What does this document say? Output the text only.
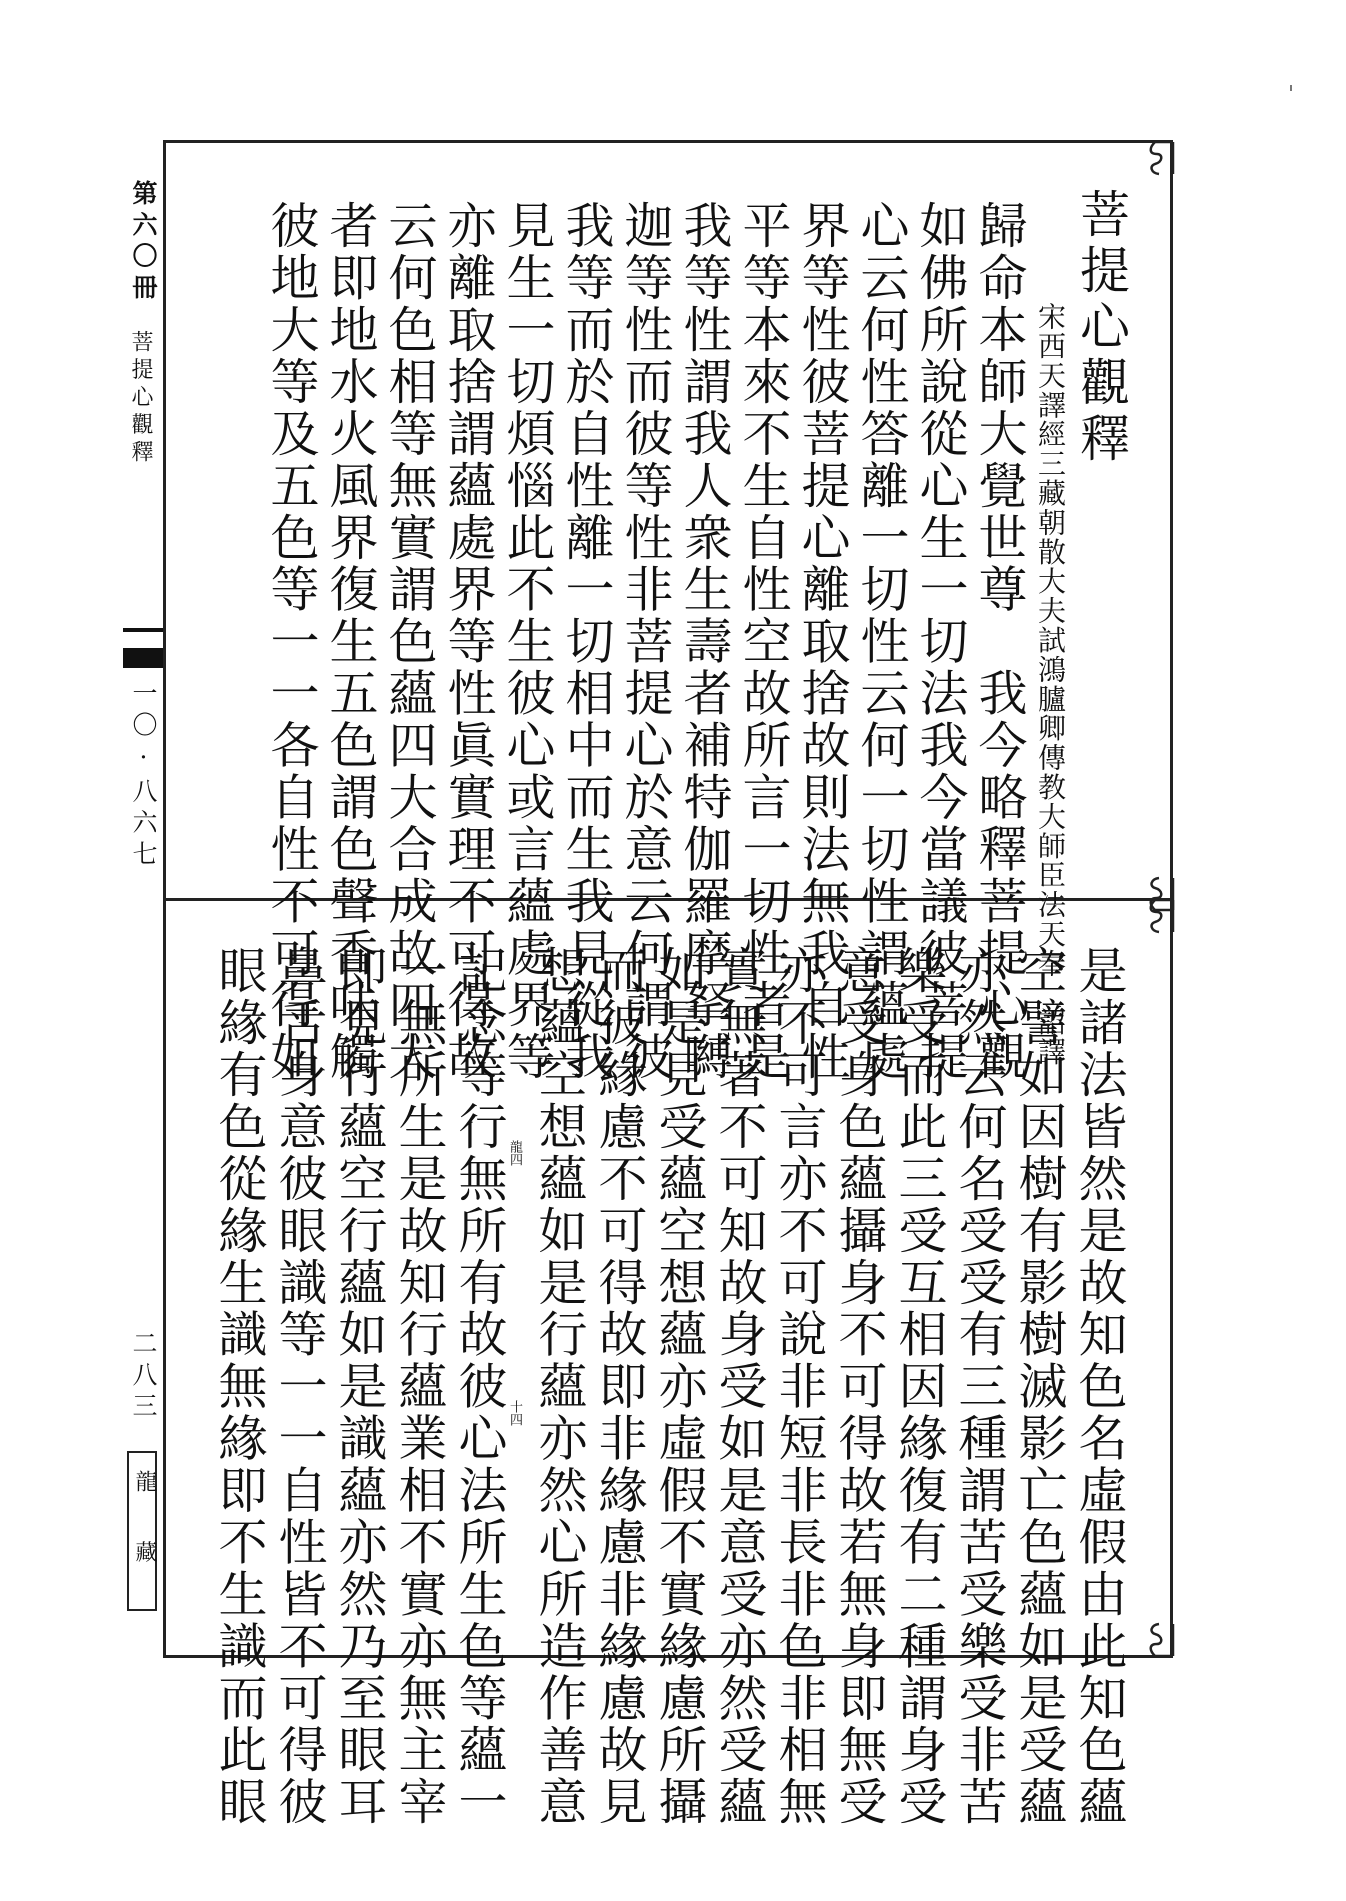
第六〇冊
菩提心觀釋
一〇·八六七
二八三
龍藏
菩提心觀釋
宋西天譯經三藏朝散大夫試鴻臚卿傳教大師臣法天奉　詔譯
歸命本師大覺世尊　我今略釋菩提心觀
如佛所說從心生一切法我今當議彼菩提
心云何性答離一切性云何一切性謂蘊處
界等性彼菩提心離取捨故則法無我自性
平等本來不生自性空故所言一切性者是
我等性謂我人衆生壽者補特伽羅摩拏嚩
迦等性而彼等性非菩提心於意云何謂彼
我等而於自性離一切相中而生我見從我
見生一切煩惱此不生彼心或言蘊處界等
亦離取捨謂蘊處界等性眞實理不可得故
云何色相等無實謂色蘊四大合成故四大
者即地水火風界復生五色謂色聲香味觸
彼地大等及五色等一一各自性不可得如
是諸法皆然是故知色名虛假由此知色蘊
空譬如因樹有影樹滅影亡色蘊如是受蘊
亦然云何名受受有三種謂苦受樂受非苦
樂受而此三受互相因緣復有二種謂身受
意受身色蘊攝身不可得故若無身即無受
亦不可言亦不可說非短非長非色非相無
實無著不可知故身受如是意受亦然受蘊
如是見受蘊空想蘊亦虛假不實緣慮所攝
而彼緣慮不可得故即非緣慮非緣慮故見
想蘊空想蘊如是行蘊亦然心所造作善意
龍四
十四
記念等行無所有故彼心法所生色等蘊一
一無所生是故知行蘊業相不實亦無主宰
即見行蘊空行蘊如是識蘊亦然乃至眼耳
鼻舌身意彼眼識等一一自性皆不可得彼
眼緣有色從緣生識無緣即不生識而此眼
